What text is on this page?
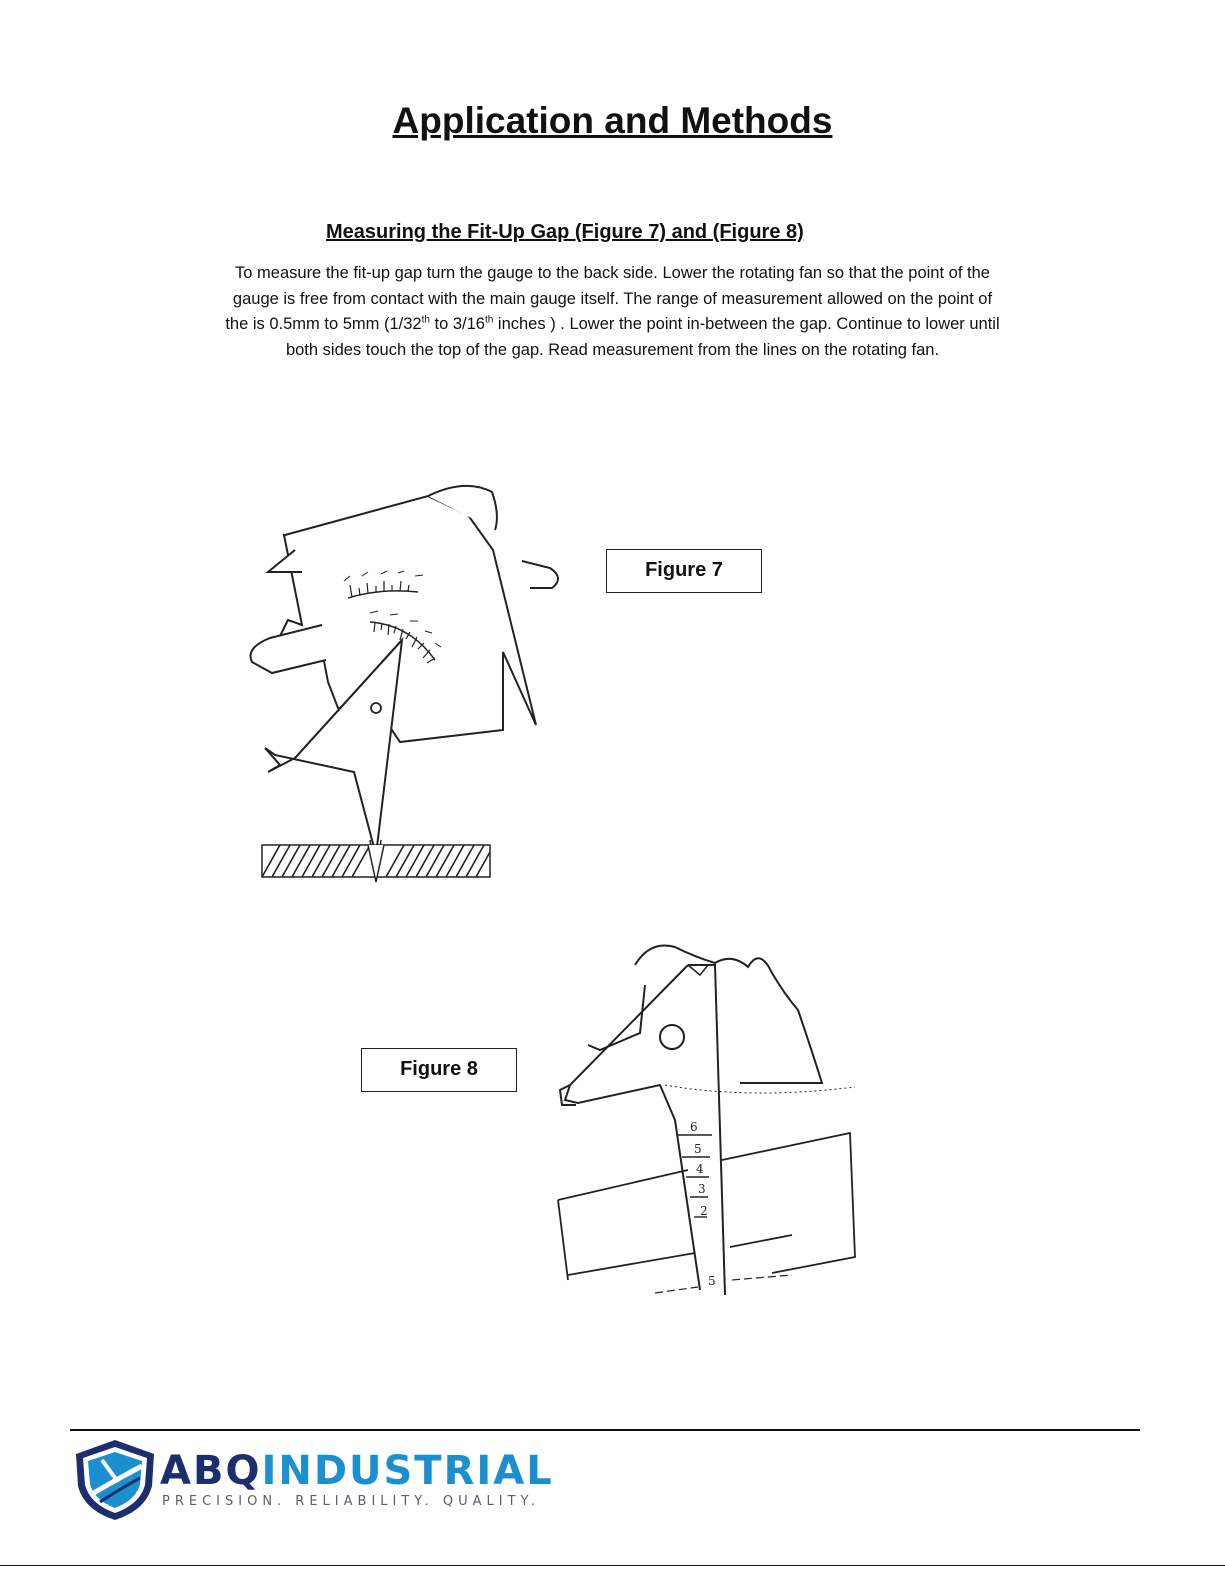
Application and Methods
Measuring the Fit-Up Gap (Figure 7) and (Figure 8)

To measure the fit-up gap turn the gauge to the back side. Lower the rotating fan so that the point of the gauge is free from contact with the main gauge itself. The range of measurement allowed on the point of the is 0.5mm to 5mm (1/32th to 3/16th inches ) . Lower the point in-between the gap. Continue to lower until both sides touch the top of the gap. Read measurement from the lines on the rotating fan.

Figure 7
6
5
4
3
2
5
Figure 8
ABQINDUSTRIAL
PRECISION. RELIABILITY. QUALITY.
